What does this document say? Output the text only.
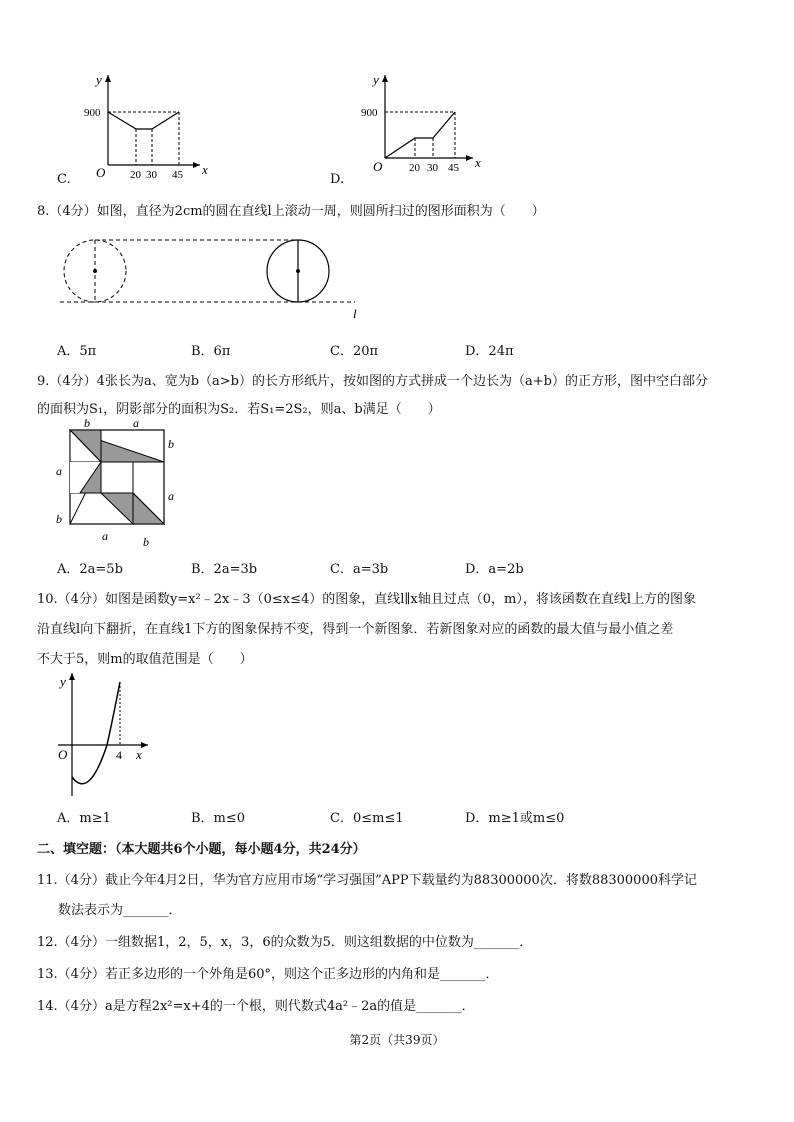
y
x
O
900
20 30 45
C.
y
x
O
900
20 30 45
D.
8.（4分）如图，直径为2cm的圆在直线l上滚动一周，则圆所扫过的图形面积为（　　）
l
A．5π	B．6π	C．20π	D．24π
9.（4分）4张长为a、宽为b（a>b）的长方形纸片，按如图的方式拼成一个边长为（a+b）的正方形，图中空白部分
的面积为S₁，阴影部分的面积为S₂．若S₁=2S₂，则a、b满足（　　）
b	a
a
b
b
a
a	b
A．2a=5b	B．2a=3b	C．a=3b	D．a=2b
10.（4分）如图是函数y=x²﹣2x﹣3（0≤x≤4）的图象，直线l∥x轴且过点（0，m），将该函数在直线l上方的图象
沿直线l向下翻折，在直线1下方的图象保持不变，得到一个新图象．若新图象对应的函数的最大值与最小值之差
不大于5，则m的取值范围是（　　）
y
x
O	4
A．m≥1	B．m≤0	C．0≤m≤1	D．m≥1或m≤0
二、填空题：（本大题共6个小题，每小题4分，共24分）
11.（4分）截止今年4月2日，华为官方应用市场“学习强国”APP下载量约为88300000次．将数88300000科学记
数法表示为_______．
12.（4分）一组数据1，2，5，x，3，6的众数为5．则这组数据的中位数为_______．
13.（4分）若正多边形的一个外角是60°，则这个正多边形的内角和是_______．
14.（4分）a是方程2x²=x+4的一个根，则代数式4a²﹣2a的值是_______．
第2页（共39页）
